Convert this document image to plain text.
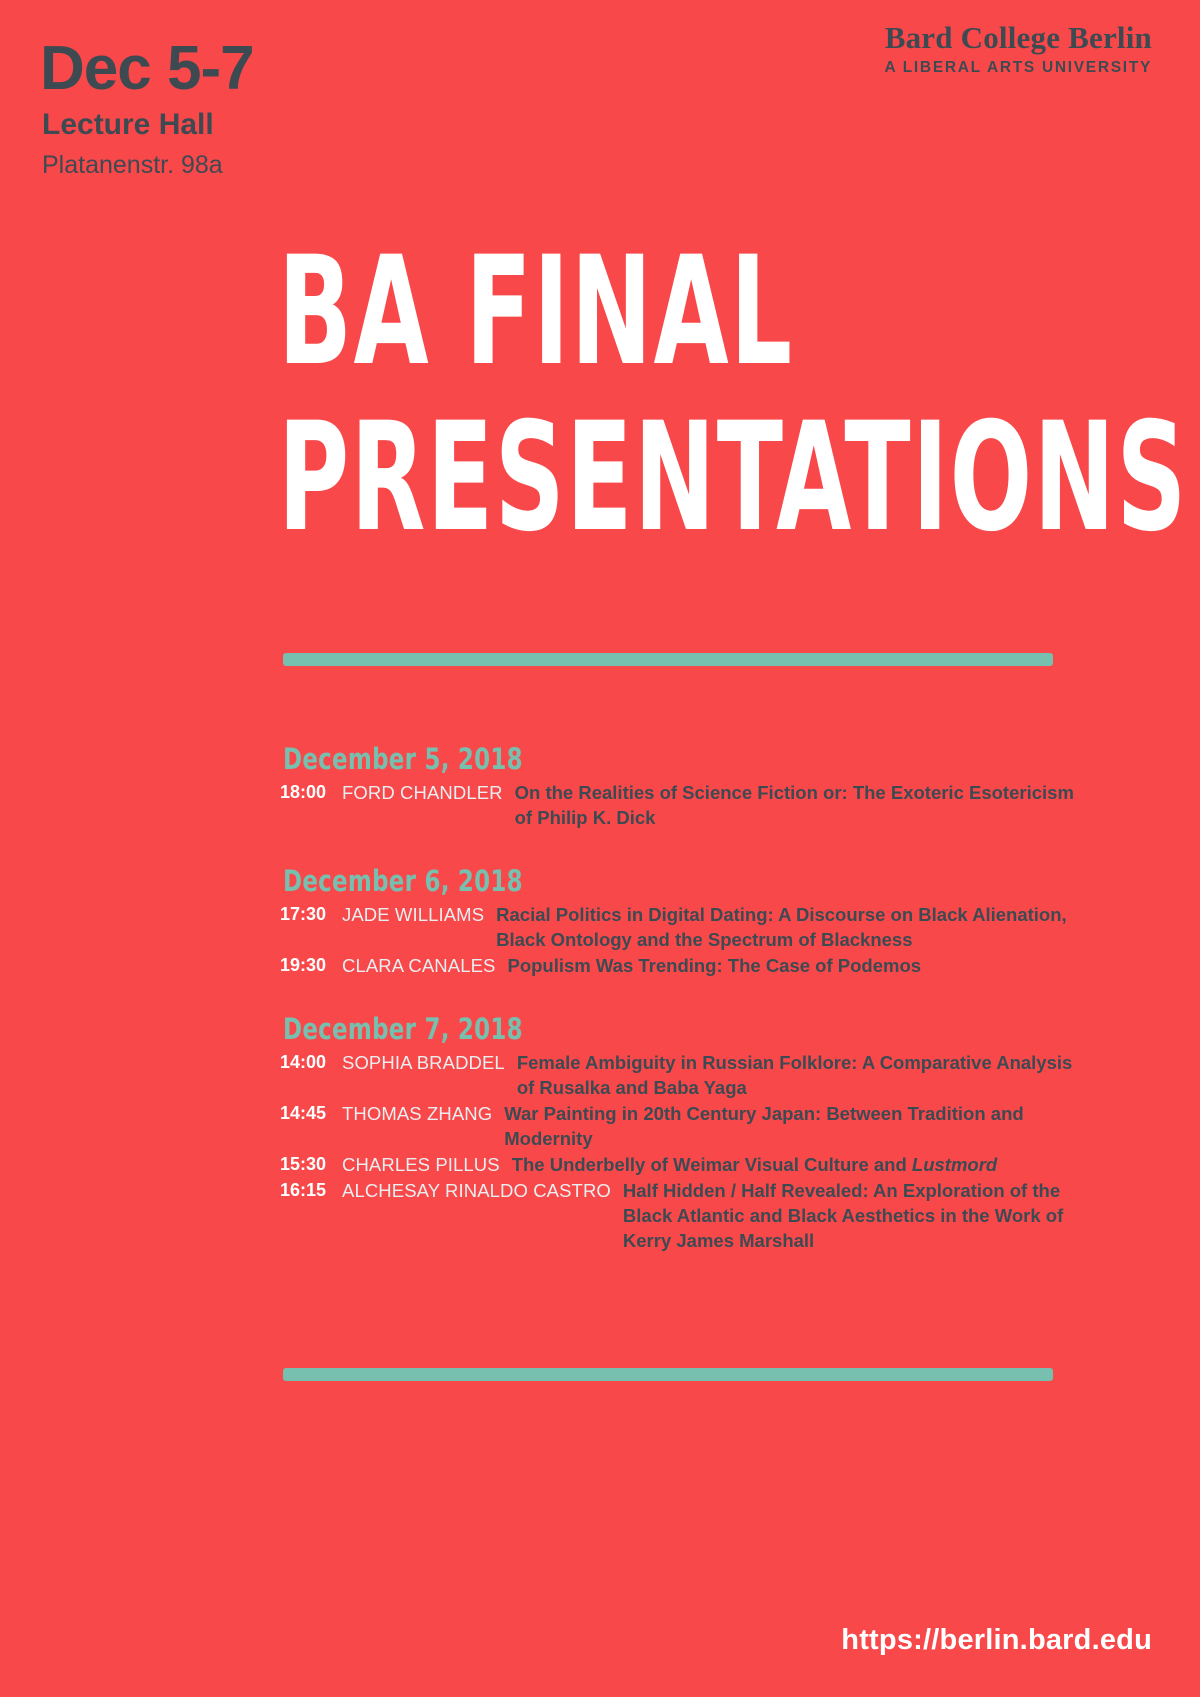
Dec 5-7
Lecture Hall
Platanenstr. 98a
Bard College Berlin
A LIBERAL ARTS UNIVERSITY
BA FINAL
PRESENTATIONS
December 5, 2018
18:00 FORD CHANDLER On the Realities of Science Fiction or: The Exoteric Esotericism of Philip K. Dick
December 6, 2018
17:30 JADE WILLIAMS Racial Politics in Digital Dating: A Discourse on Black Alienation, Black Ontology and the Spectrum of Blackness
19:30 CLARA CANALES Populism Was Trending: The Case of Podemos
December 7, 2018
14:00 SOPHIA BRADDEL Female Ambiguity in Russian Folklore: A Comparative Analysis of Rusalka and Baba Yaga
14:45 THOMAS ZHANG War Painting in 20th Century Japan: Between Tradition and Modernity
15:30 CHARLES PILLUS The Underbelly of Weimar Visual Culture and Lustmord
16:15 ALCHESAY RINALDO CASTRO Half Hidden / Half Revealed: An Exploration of the Black Atlantic and Black Aesthetics in the Work of Kerry James Marshall
https://berlin.bard.edu
